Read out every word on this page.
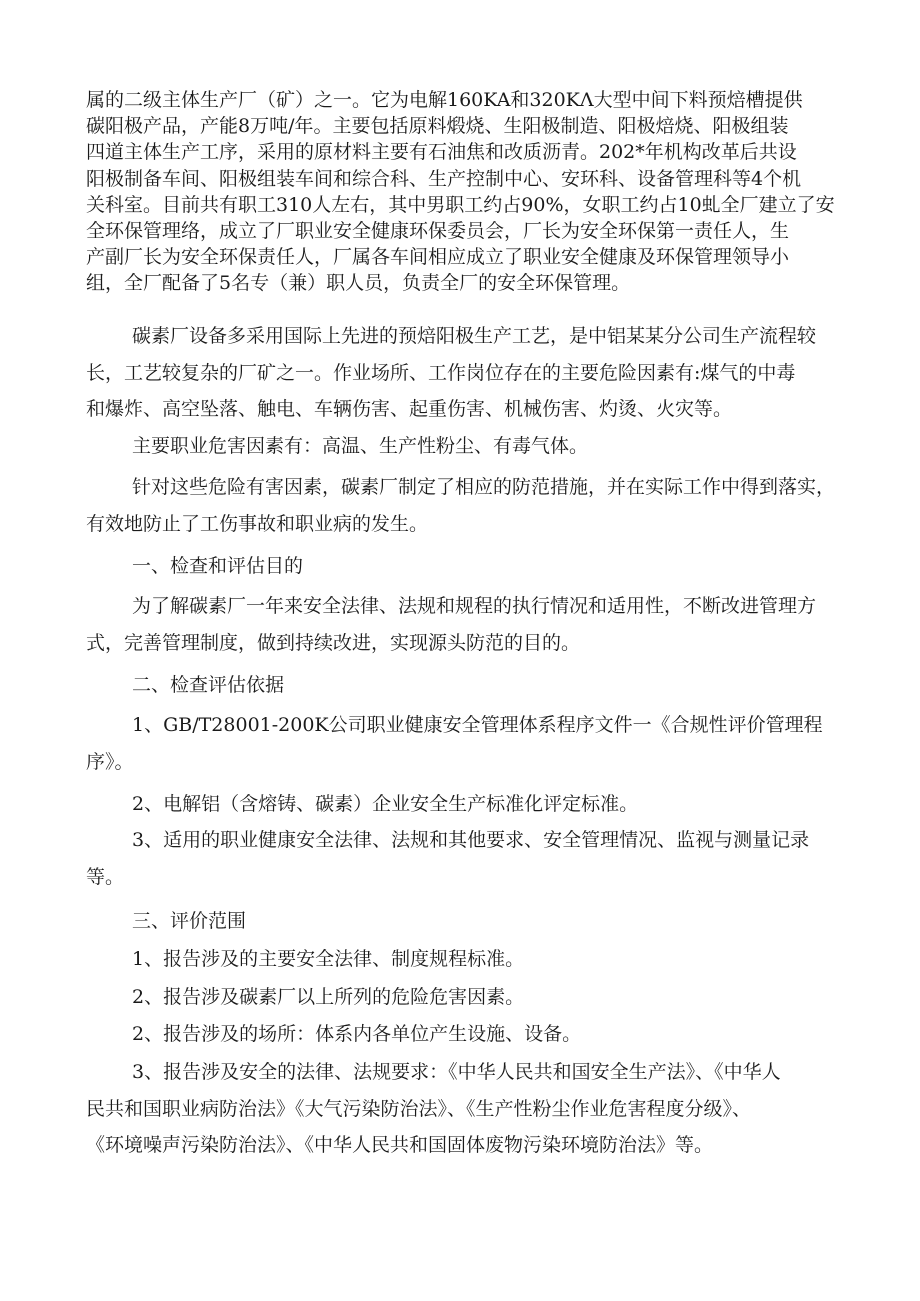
属的二级主体生产厂（矿）之一。它为电解160KA和320KΛ大型中间下料预焙槽提供
碳阳极产品，产能8万吨/年。主要包括原料煅烧、生阳极制造、阳极焙烧、阳极组装
四道主体生产工序，采用的原材料主要有石油焦和改质沥青。202*年机构改革后共设
阳极制备车间、阳极组装车间和综合科、生产控制中心、安环科、设备管理科等4个机
关科室。目前共有职工310人左右，其中男职工约占90%，女职工约占10虬全厂建立了安
全环保管理络，成立了厂职业安全健康环保委员会，厂长为安全环保第一责任人，生
产副厂长为安全环保责任人，厂属各车间相应成立了职业安全健康及环保管理领导小
组，全厂配备了5名专（兼）职人员，负责全厂的安全环保管理。
碳素厂设备多采用国际上先进的预焙阳极生产工艺，是中铝某某分公司生产流程较
长，工艺较复杂的厂矿之一。作业场所、工作岗位存在的主要危险因素有:煤气的中毒
和爆炸、高空坠落、触电、车辆伤害、起重伤害、机械伤害、灼烫、火灾等。
主要职业危害因素有：高温、生产性粉尘、有毒气体。
针对这些危险有害因素，碳素厂制定了相应的防范措施，并在实际工作中得到落实，
有效地防止了工伤事故和职业病的发生。
一、检查和评估目的
为了解碳素厂一年来安全法律、法规和规程的执行情况和适用性，不断改进管理方
式，完善管理制度，做到持续改进，实现源头防范的目的。
二、检查评估依据
1、GB/T28001-200K公司职业健康安全管理体系程序文件一《合规性评价管理程
序》。
2、电解铝（含熔铸、碳素）企业安全生产标准化评定标准。
3、适用的职业健康安全法律、法规和其他要求、安全管理情况、监视与测量记录
等。
三、评价范围
1、报告涉及的主要安全法律、制度规程标准。
2、报告涉及碳素厂以上所列的危险危害因素。
2、报告涉及的场所：体系内各单位产生设施、设备。
3、报告涉及安全的法律、法规要求：《中华人民共和国安全生产法》、《中华人
民共和国职业病防治法》《大气污染防治法》、《生产性粉尘作业危害程度分级》、
《环境噪声污染防治法》、《中华人民共和国固体废物污染环境防治法》等。
